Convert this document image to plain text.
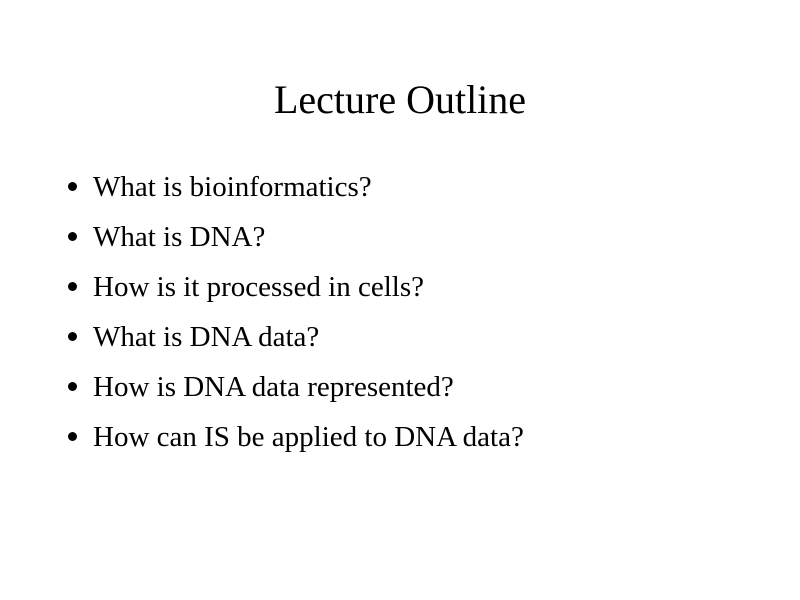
Lecture Outline
What is bioinformatics?
What is DNA?
How is it processed in cells?
What is DNA data?
How is DNA data represented?
How can IS be applied to DNA data?
